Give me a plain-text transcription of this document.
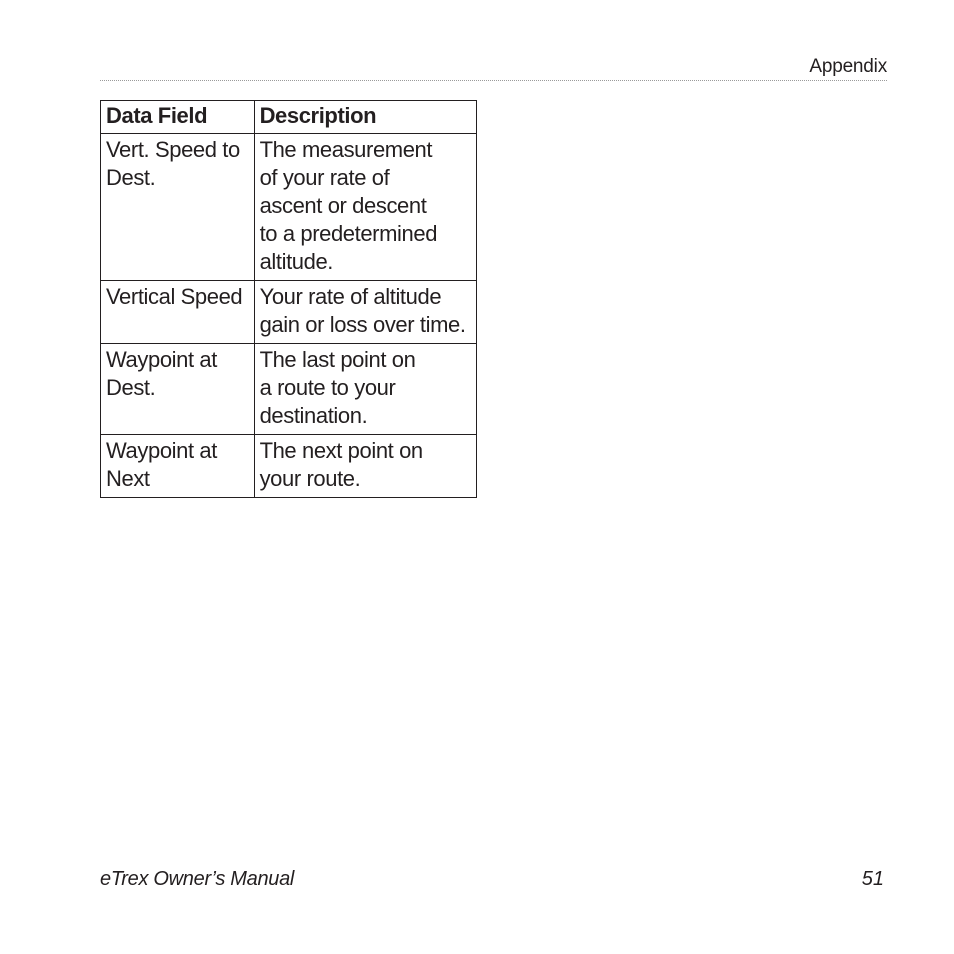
Appendix
Data Field	Description

Vert. Speed to
Dest.	The measurement
of your rate of
ascent or descent
to a predetermined
altitude.

Vertical Speed	Your rate of altitude
gain or loss over time.

Waypoint at
Dest.	The last point on
a route to your
destination.

Waypoint at
Next	The next point on
your route.
eTrex Owner’s Manual	51
